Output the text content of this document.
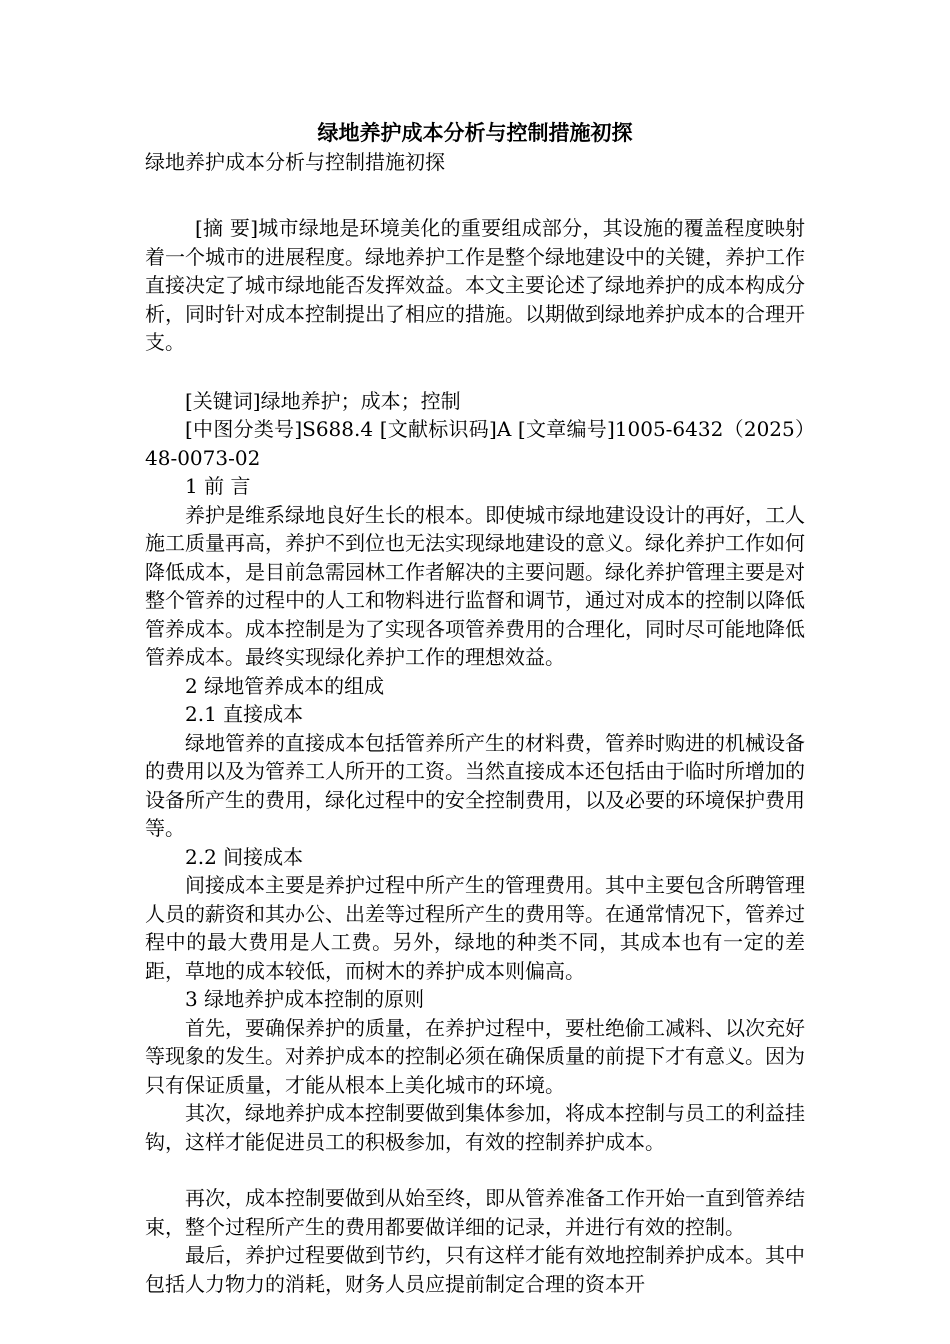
绿地养护成本分析与控制措施初探

绿地养护成本分析与控制措施初探

[摘 要]城市绿地是环境美化的重要组成部分，其设施的覆盖程度映射着一个城市的进展程度。绿地养护工作是整个绿地建设中的关键，养护工作直接决定了城市绿地能否发挥效益。本文主要论述了绿地养护的成本构成分析，同时针对成本控制提出了相应的措施。以期做到绿地养护成本的合理开支。

[关键词]绿地养护；成本；控制

[中图分类号]S688.4 [文献标识码]A [文章编号]1005-6432（2025）48-0073-02

1 前 言

养护是维系绿地良好生长的根本。即使城市绿地建设设计的再好，工人施工质量再高，养护不到位也无法实现绿地建设的意义。绿化养护工作如何降低成本，是目前急需园林工作者解决的主要问题。绿化养护管理主要是对整个管养的过程中的人工和物料进行监督和调节，通过对成本的控制以降低管养成本。成本控制是为了实现各项管养费用的合理化，同时尽可能地降低管养成本。最终实现绿化养护工作的理想效益。

2 绿地管养成本的组成

2.1 直接成本

绿地管养的直接成本包括管养所产生的材料费，管养时购进的机械设备的费用以及为管养工人所开的工资。当然直接成本还包括由于临时所增加的设备所产生的费用，绿化过程中的安全控制费用，以及必要的环境保护费用等。

2.2 间接成本

间接成本主要是养护过程中所产生的管理费用。其中主要包含所聘管理人员的薪资和其办公、出差等过程所产生的费用等。在通常情况下，管养过程中的最大费用是人工费。另外，绿地的种类不同，其成本也有一定的差距，草地的成本较低，而树木的养护成本则偏高。

3 绿地养护成本控制的原则

首先，要确保养护的质量，在养护过程中，要杜绝偷工减料、以次充好等现象的发生。对养护成本的控制必须在确保质量的前提下才有意义。因为只有保证质量，才能从根本上美化城市的环境。

其次，绿地养护成本控制要做到集体参加，将成本控制与员工的利益挂钩，这样才能促进员工的积极参加，有效的控制养护成本。

再次，成本控制要做到从始至终，即从管养准备工作开始一直到管养结束，整个过程所产生的费用都要做详细的记录，并进行有效的控制。

最后，养护过程要做到节约，只有这样才能有效地控制养护成本。其中包括人力物力的消耗，财务人员应提前制定合理的资本开
